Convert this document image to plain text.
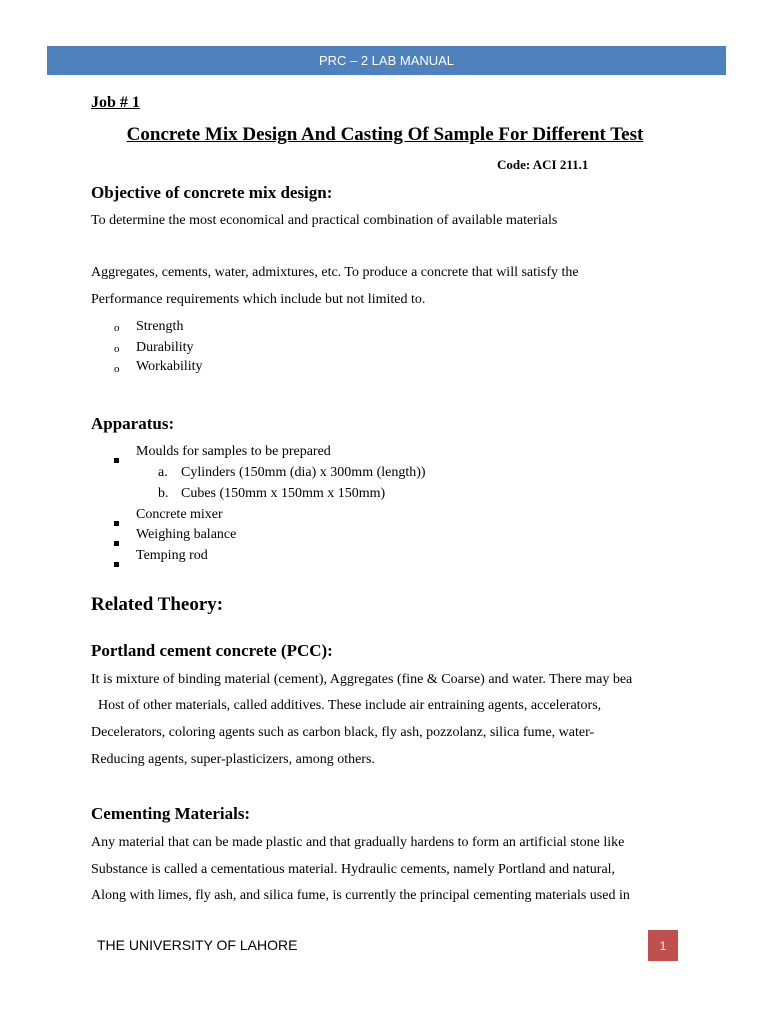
PRC – 2 LAB MANUAL
Job # 1
Concrete Mix Design And Casting Of Sample For Different Test
Code: ACI 211.1
Objective of concrete mix design:
To determine the most economical and practical combination of available materials
Aggregates, cements, water, admixtures, etc. To produce a concrete that will satisfy the
Performance requirements which include but not limited to.
o Strength
o Durability
o Workability
Apparatus:
Moulds for samples to be prepared
a. Cylinders (150mm (dia) x 300mm (length))
b. Cubes (150mm x 150mm x 150mm)
Concrete mixer
Weighing balance
Temping rod
Related Theory:
Portland cement concrete (PCC):
It is mixture of binding material (cement), Aggregates (fine & Coarse) and water. There may bea
Host of other materials, called additives. These include air entraining agents, accelerators,
Decelerators, coloring agents such as carbon black, fly ash, pozzolanz, silica fume, water-
Reducing agents, super-plasticizers, among others.
Cementing Materials:
Any material that can be made plastic and that gradually hardens to form an artificial stone like
Substance is called a cementatious material. Hydraulic cements, namely Portland and natural,
Along with limes, fly ash, and silica fume, is currently the principal cementing materials used in
THE UNIVERSITY OF LAHORE	1
